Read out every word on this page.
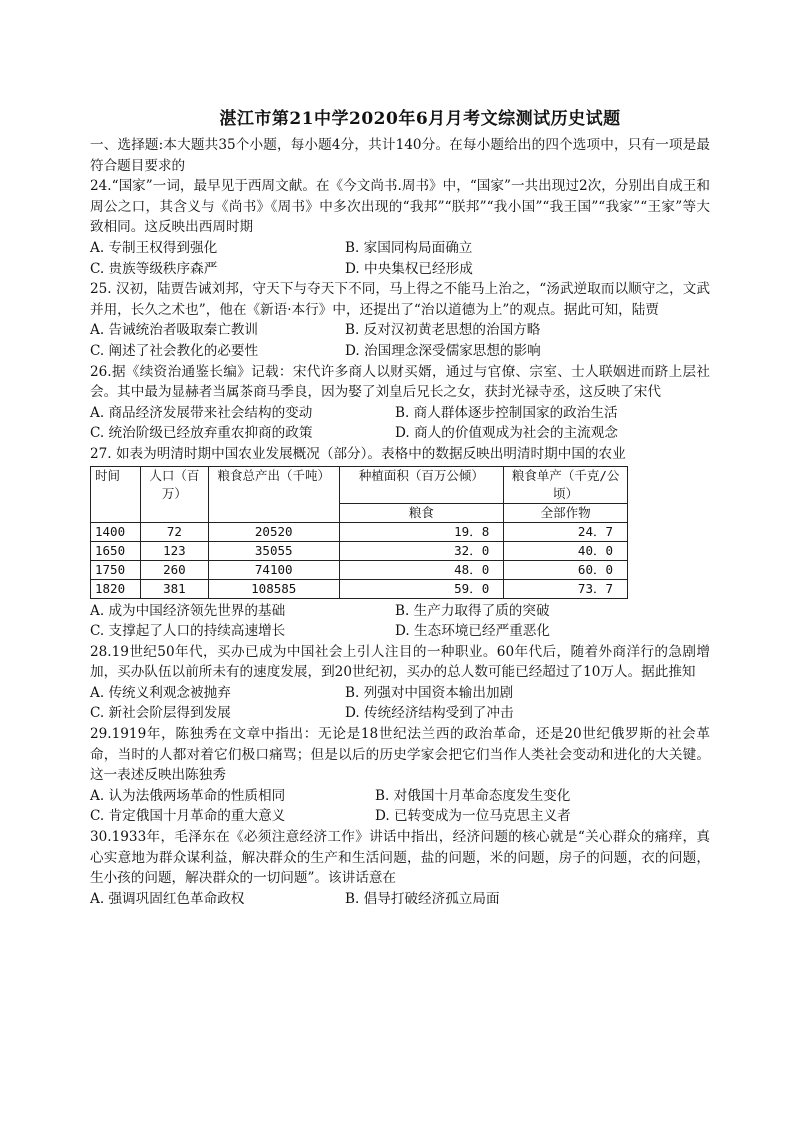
湛江市第21中学2020年6月月考文综测试历史试题

一、选择题:本大题共35个小题，每小题4分，共计140分。在每小题给出的四个选项中，只有一项是最符合题目要求的

24.“国家”一词，最早见于西周文献。在《今文尚书.周书》中，“国家”一共出现过2次，分别出自成王和周公之口，其含义与《尚书》《周书》中多次出现的“我邦”“朕邦”“我小国”“我王国”“我家”“王家”等大致相同。这反映出西周时期

A. 专制王权得到强化	B. 家国同构局面确立
C. 贵族等级秩序森严	D. 中央集权已经形成

25. 汉初，陆贾告诫刘邦，守天下与夺天下不同，马上得之不能马上治之，“汤武逆取而以顺守之，文武并用，长久之术也”，他在《新语·本行》中，还提出了“治以道德为上”的观点。据此可知，陆贾

A. 告诫统治者吸取秦亡教训	B. 反对汉初黄老思想的治国方略
C. 阐述了社会教化的必要性	D. 治国理念深受儒家思想的影响

26.据《续资治通鉴长编》记载：宋代许多商人以财买婿，通过与官僚、宗室、士人联姻进而跻上层社会。其中最为显赫者当属茶商马季良，因为娶了刘皇后兄长之女，获封光禄寺丞，这反映了宋代

A. 商品经济发展带来社会结构的变动	B. 商人群体逐步控制国家的政治生活
C. 统治阶级已经放弃重农抑商的政策	D. 商人的价值观成为社会的主流观念

27. 如表为明清时期中国农业发展概况（部分）。表格中的数据反映出明清时期中国的农业

时间	人口（百万）	粮食总产出（千吨）	种植面积（百万公倾）	粮食单产（千克/公顷）
			粮食	全部作物
1400	72	20520	19．8	24．7
1650	123	35055	32．0	40．0
1750	260	74100	48．0	60．0
1820	381	108585	59．0	73．7
A. 成为中国经济领先世界的基础	B. 生产力取得了质的突破
C. 支撑起了人口的持续高速增长	D. 生态环境已经严重恶化

28.19世纪50年代，买办已成为中国社会上引人注目的一种职业。60年代后，随着外商洋行的急剧增加，买办队伍以前所未有的速度发展，到20世纪初，买办的总人数可能已经超过了10万人。据此推知

A. 传统义利观念被抛弃	B. 列强对中国资本输出加剧
C. 新社会阶层得到发展	D. 传统经济结构受到了冲击

29.1919年，陈独秀在文章中指出：无论是18世纪法兰西的政治革命，还是20世纪俄罗斯的社会革命，当时的人都对着它们极口痛骂；但是以后的历史学家会把它们当作人类社会变动和进化的大关键。这一表述反映出陈独秀

A. 认为法俄两场革命的性质相同	B. 对俄国十月革命态度发生变化
C. 肯定俄国十月革命的重大意义	D. 已转变成为一位马克思主义者

30.1933年，毛泽东在《必须注意经济工作》讲话中指出，经济问题的核心就是“关心群众的痛痒，真心实意地为群众谋利益，解决群众的生产和生活问题，盐的问题，米的问题，房子的问题，衣的问题，生小孩的问题，解决群众的一切问题”。该讲话意在

A. 强调巩固红色革命政权	B. 倡导打破经济孤立局面
